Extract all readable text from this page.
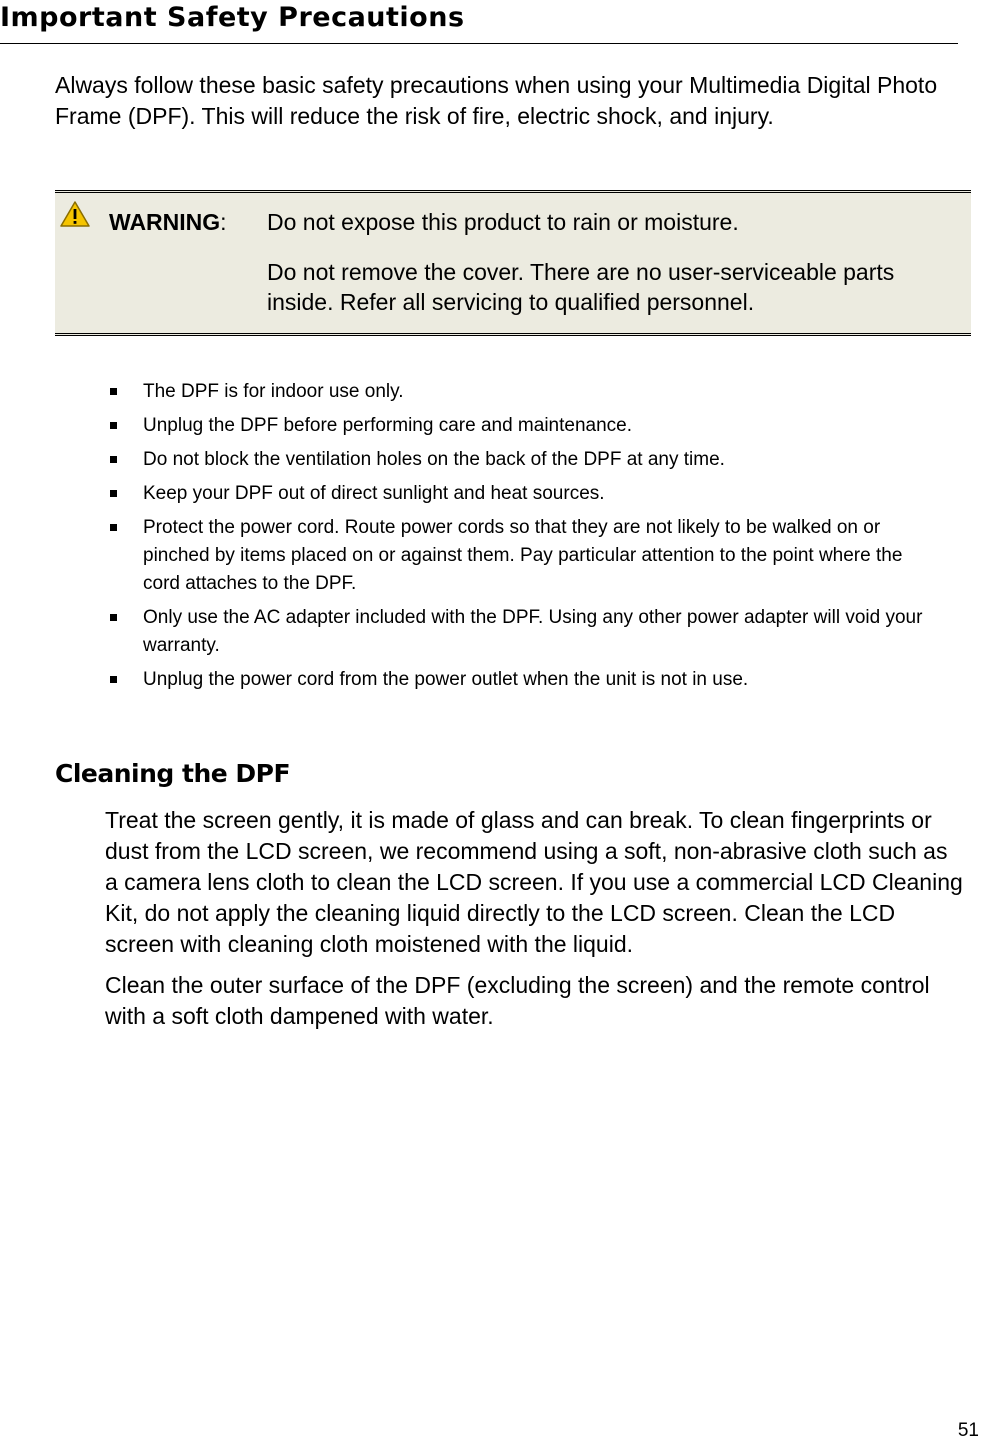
Important Safety Precautions

Always follow these basic safety precautions when using your Multimedia Digital Photo Frame (DPF). This will reduce the risk of fire, electric shock, and injury.

WARNING: Do not expose this product to rain or moisture.

Do not remove the cover. There are no user-serviceable parts inside. Refer all servicing to qualified personnel.

The DPF is for indoor use only.
Unplug the DPF before performing care and maintenance.
Do not block the ventilation holes on the back of the DPF at any time.
Keep your DPF out of direct sunlight and heat sources.
Protect the power cord. Route power cords so that they are not likely to be walked on or pinched by items placed on or against them. Pay particular attention to the point where the cord attaches to the DPF.
Only use the AC adapter included with the DPF. Using any other power adapter will void your warranty.
Unplug the power cord from the power outlet when the unit is not in use.
Cleaning the DPF

Treat the screen gently, it is made of glass and can break. To clean fingerprints or dust from the LCD screen, we recommend using a soft, non-abrasive cloth such as a camera lens cloth to clean the LCD screen. If you use a commercial LCD Cleaning Kit, do not apply the cleaning liquid directly to the LCD screen. Clean the LCD screen with cleaning cloth moistened with the liquid.

Clean the outer surface of the DPF (excluding the screen) and the remote control with a soft cloth dampened with water.

51
